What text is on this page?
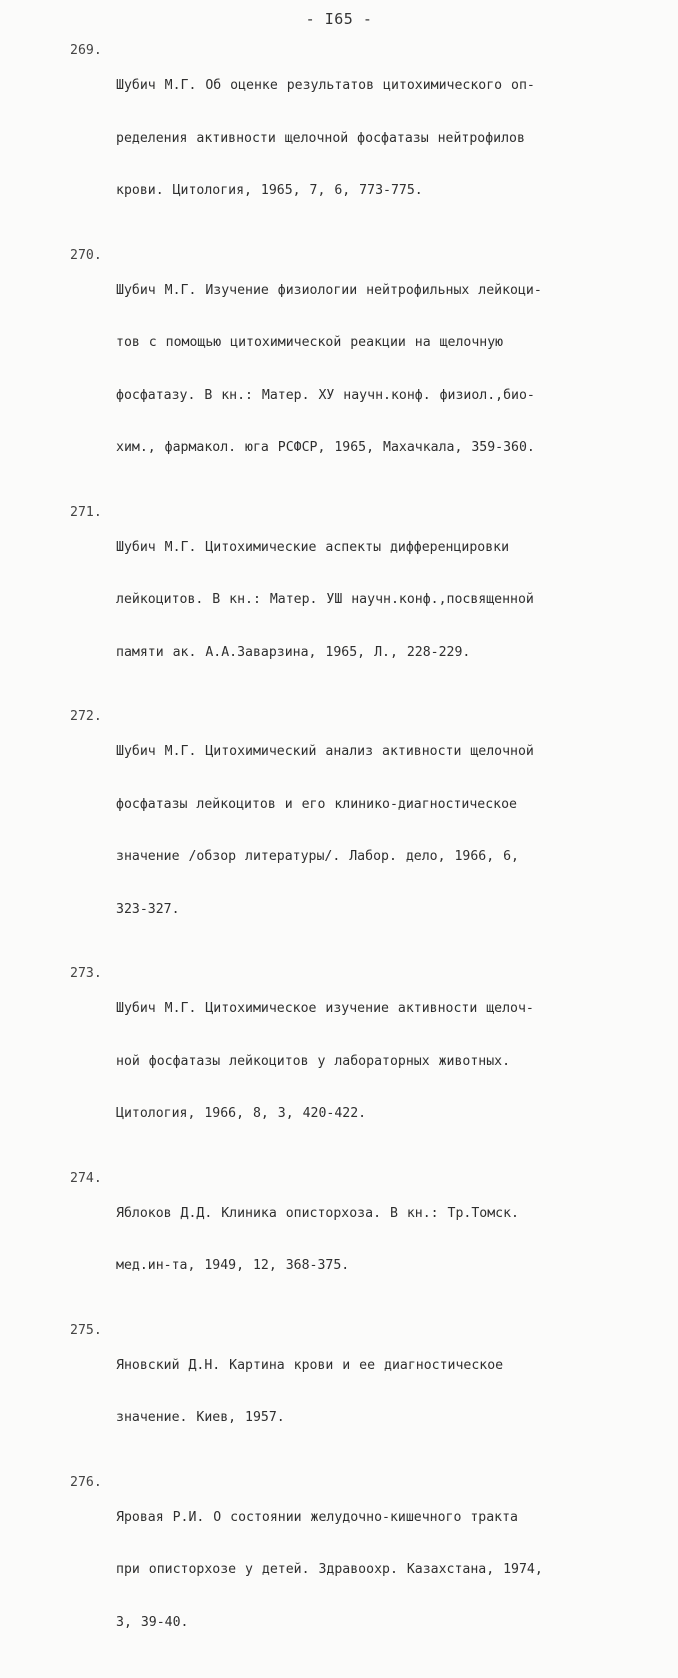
- I65 -
269.

Шубич М.Г. Об оценке результатов цитохимического оп-

ределения активности щелочной фосфатазы нейтрофилов

крови. Цитология, 1965, 7, 6, 773-775.

270.

Шубич М.Г. Изучение физиологии нейтрофильных лейкоци-

тов с помощью цитохимической реакции на щелочную

фосфатазу. В кн.: Матер. ХУ научн.конф. физиол.,био-

хим., фармакол. юга РСФСР, 1965, Махачкала, 359-360.

271.

Шубич М.Г. Цитохимические аспекты дифференцировки

лейкоцитов. В кн.: Матер. УШ научн.конф.,посвященной

памяти ак. А.А.Заварзина, 1965, Л., 228-229.

272.

Шубич М.Г. Цитохимический анализ активности щелочной

фосфатазы лейкоцитов и его клинико-диагностическое

значение /обзор литературы/. Лабор. дело, 1966, 6,

323-327.

273.

Шубич М.Г. Цитохимическое изучение активности щелоч-

ной фосфатазы лейкоцитов у лабораторных животных.

Цитология, 1966, 8, 3, 420-422.

274.

Яблоков Д.Д. Клиника описторхоза. В кн.: Тр.Томск.

мед.ин-та, 1949, 12, 368-375.

275.

Яновский Д.Н. Картина крови и ее диагностическое

значение. Киев, 1957.

276.

Яровая Р.И. О состоянии желудочно-кишечного тракта

при описторхозе у детей. Здравоохр. Казахстана, 1974,

3, 39-40.
